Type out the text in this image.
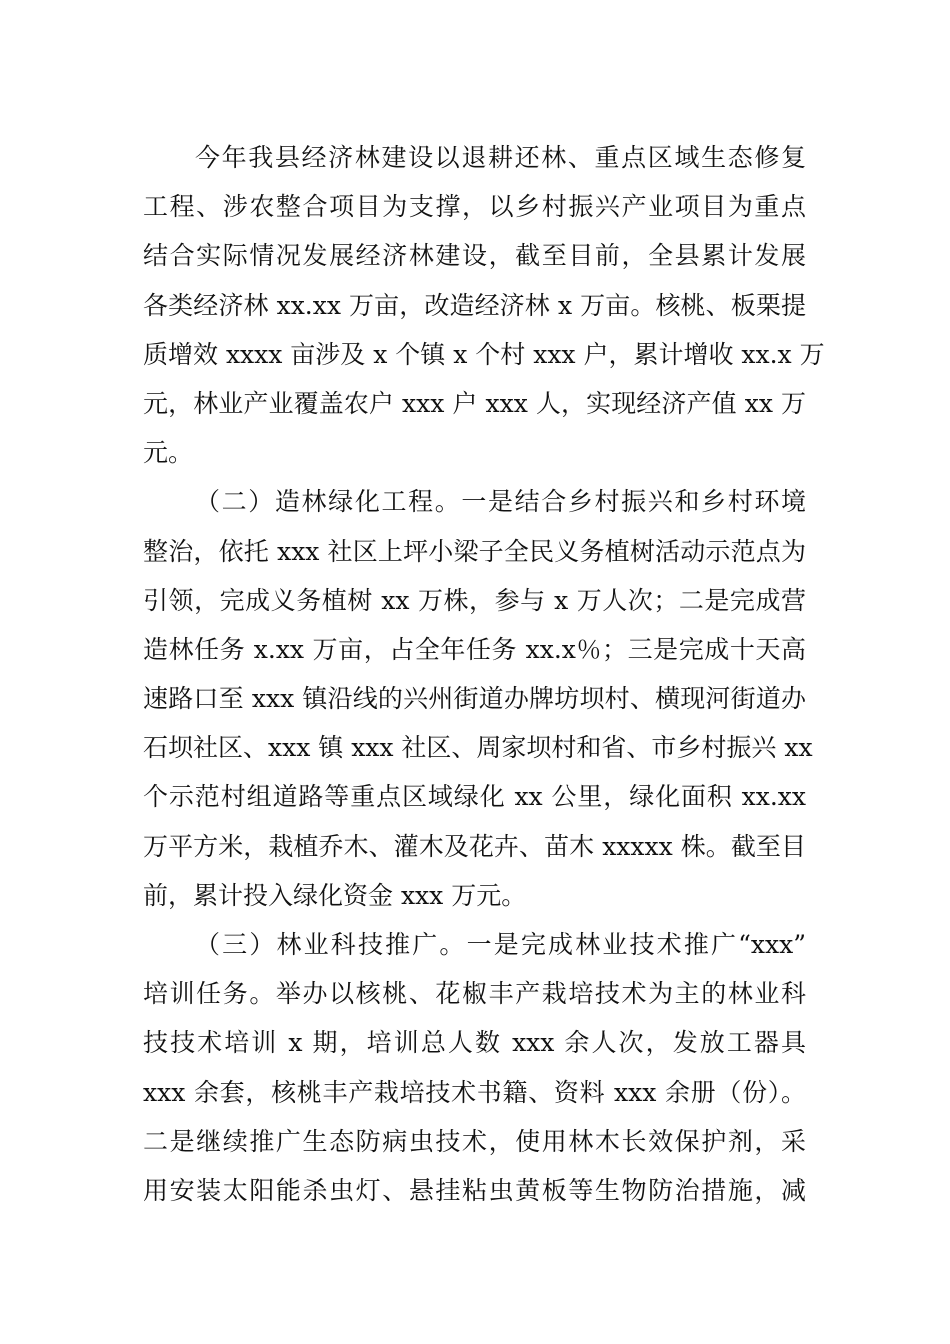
今年我县经济林建设以退耕还林、重点区域生态修复
工程、涉农整合项目为支撑，以乡村振兴产业项目为重点
结合实际情况发展经济林建设，截至目前，全县累计发展
各类经济林 xx.xx 万亩，改造经济林 x 万亩。核桃、板栗提
质增效 xxxx 亩涉及 x 个镇 x 个村 xxx 户，累计增收 xx.x 万
元，林业产业覆盖农户 xxx 户 xxx 人，实现经济产值 xx 万
元。
（二）造林绿化工程。一是结合乡村振兴和乡村环境
整治，依托 xxx 社区上坪小梁子全民义务植树活动示范点为
引领，完成义务植树 xx 万株，参与 x 万人次；二是完成营
造林任务 x.xx 万亩，占全年任务 xx.x％；三是完成十天高
速路口至 xxx 镇沿线的兴州街道办牌坊坝村、横现河街道办
石坝社区、xxx 镇 xxx 社区、周家坝村和省、市乡村振兴 xx
个示范村组道路等重点区域绿化 xx 公里，绿化面积 xx.xx
万平方米，栽植乔木、灌木及花卉、苗木 xxxxx 株。截至目
前，累计投入绿化资金 xxx 万元。
（三）林业科技推广。一是完成林业技术推广“xxx”
培训任务。举办以核桃、花椒丰产栽培技术为主的林业科
技技术培训 x 期，培训总人数 xxx 余人次，发放工器具
xxx 余套，核桃丰产栽培技术书籍、资料 xxx 余册（份）。
二是继续推广生态防病虫技术，使用林木长效保护剂，采
用安装太阳能杀虫灯、悬挂粘虫黄板等生物防治措施，减
